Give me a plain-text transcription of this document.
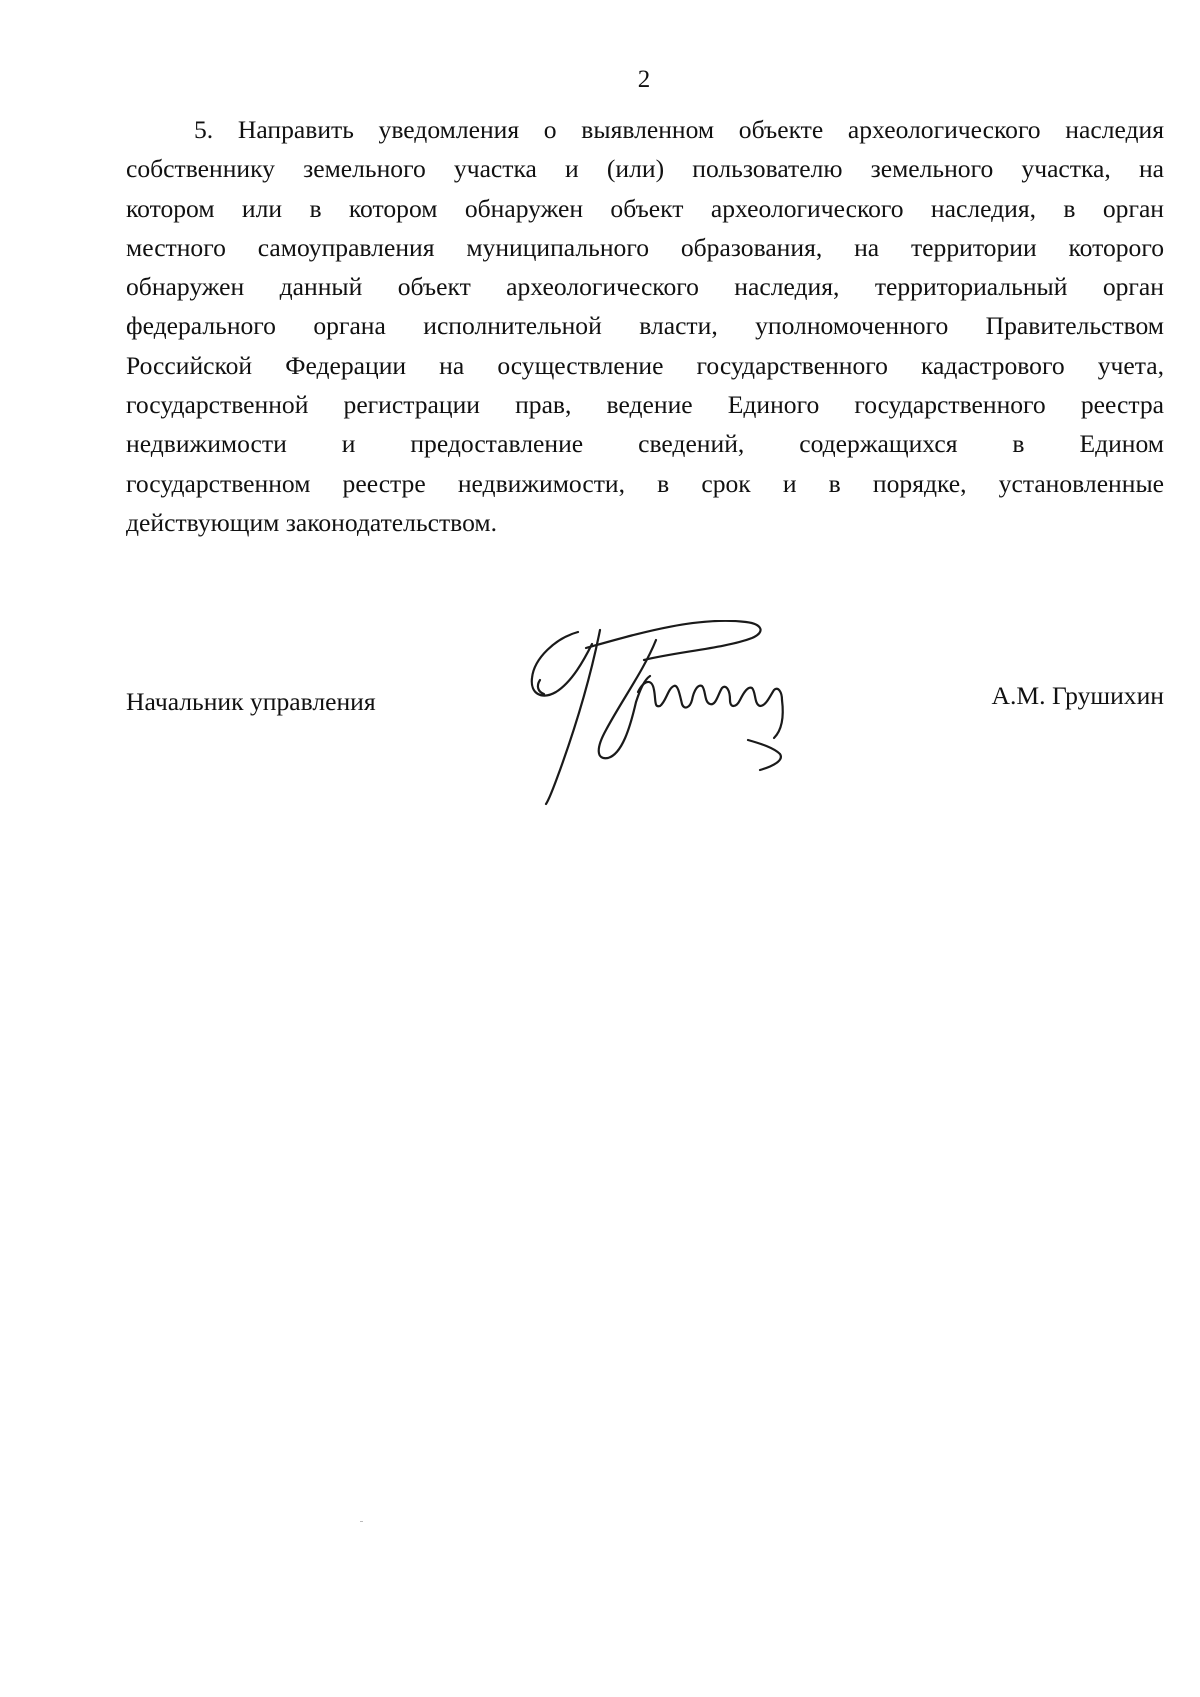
2
5. Направить уведомления о выявленном объекте археологического наследия
собственнику земельного участка и (или) пользователю земельного участка, на
котором или в котором обнаружен объект археологического наследия, в орган
местного самоуправления муниципального образования, на территории которого
обнаружен данный объект археологического наследия, территориальный орган
федерального органа исполнительной власти, уполномоченного Правительством
Российской Федерации на осуществление государственного кадастрового учета,
государственной регистрации прав, ведение Единого государственного реестра
недвижимости и предоставление сведений, содержащихся в Едином
государственном реестре недвижимости, в срок и в порядке, установленные
действующим законодательством.
Начальник управления	А.М. Грушихин
